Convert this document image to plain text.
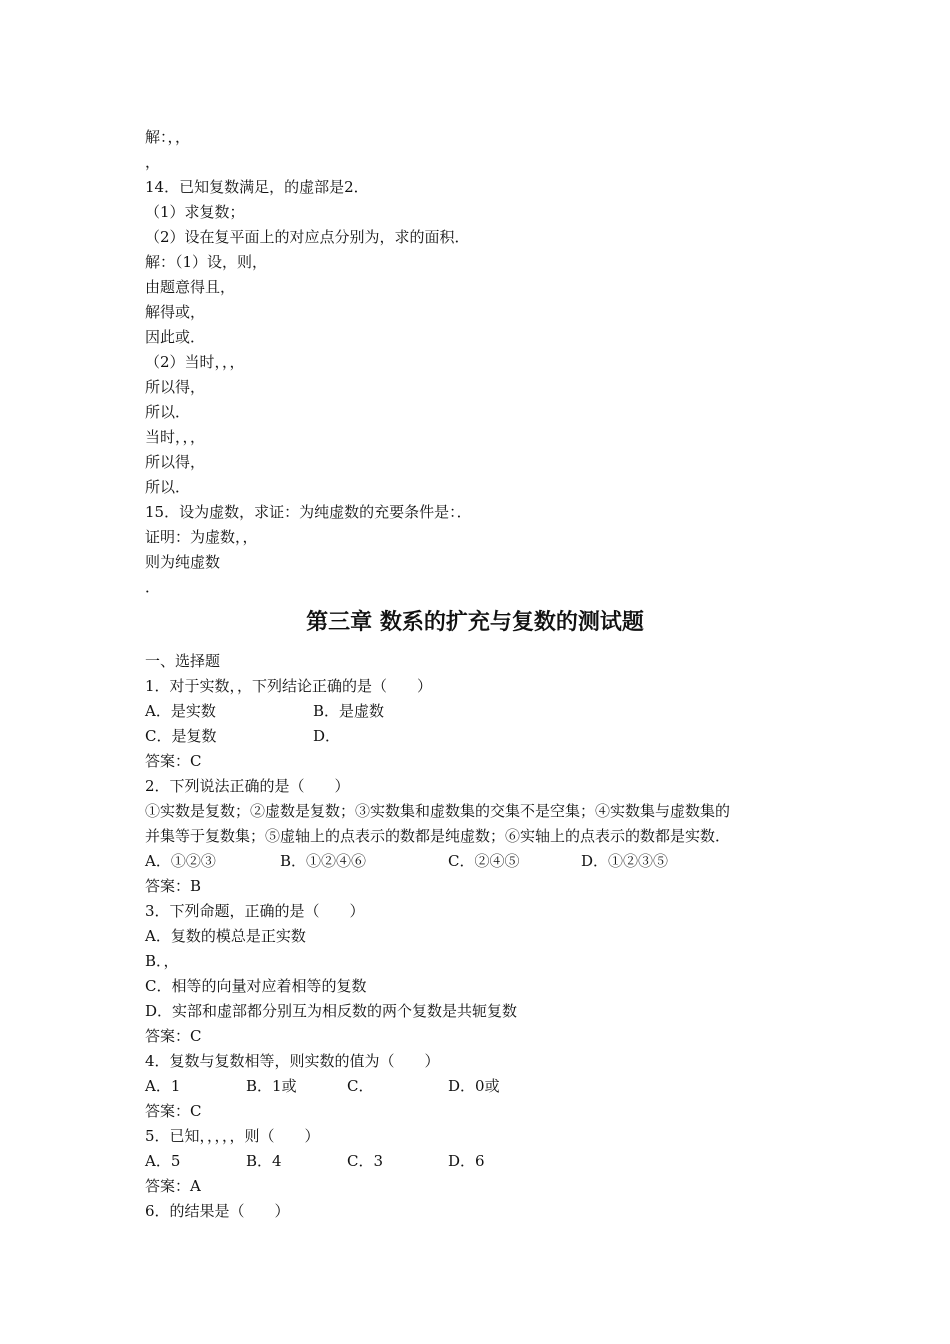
解：，，
，
14．已知复数满足，的虚部是2．
（1）求复数；
（2）设在复平面上的对应点分别为，求的面积．
解：（1）设，则，
由题意得且，
解得或，
因此或．
（2）当时，，，
所以得，
所以．
当时，，，
所以得，
所以．
15．设为虚数，求证：为纯虚数的充要条件是：．
证明：为虚数，，
则为纯虚数
．
第三章 数系的扩充与复数的测试题
一、选择题
1．对于实数，，下列结论正确的是（　　）
A．是实数	B．是虚数
C．是复数	D．
答案：C
2．下列说法正确的是（　　）
①实数是复数；②虚数是复数；③实数集和虚数集的交集不是空集；④实数集与虚数集的
并集等于复数集；⑤虚轴上的点表示的数都是纯虚数；⑥实轴上的点表示的数都是实数．
A．①②③	B．①②④⑥	C．②④⑤	D．①②③⑤
答案：B
3．下列命题，正确的是（　　）
A．复数的模总是正实数
B．，
C．相等的向量对应着相等的复数
D．实部和虚部都分别互为相反数的两个复数是共轭复数
答案：C
4．复数与复数相等，则实数的值为（　　）
A．1	B．1或	C．	D．0或
答案：C
5．已知，，，，，则（　　）
A．5	B．4	C．3	D．6
答案：A
6．的结果是（　　）
